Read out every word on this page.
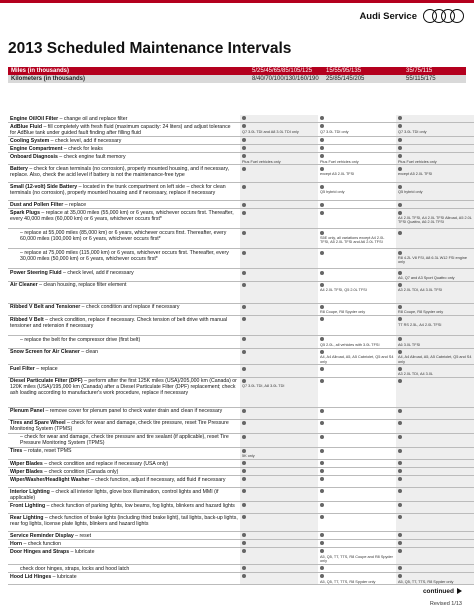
Audi Service
2013 Scheduled Maintenance Intervals
Miles (in thousands)	5/25/45/65/85/105/125 15/55/95/135	35/75/115
Kilometers (in thousands)	8/40/70/100/130/160/190 25/85/145/205	55/115/175
Engine Oil/Oil Filter – change oil and replace filter	

AdBlue Fluid – fill completely with fresh fluid (maximum capacity: 24 liters) and adjust tolerance for AdBlue tank under guided fault finding after filling fluid	Q7 3.0L TDI and A8 3.0L TDI only	Q7 3.0L TDI only	Q7 3.0L TDI only

Cooling System – check level, add if necessary	

Engine Compartment – check for leaks	

Onboard Diagnosis – check engine fault memory	Plus Fuel vehicles only	Plus Fuel vehicles only	Plus Fuel vehicles only

Battery – check for clean terminals (no corrosion), properly mounted housing, and if necessary, replace. Also, check the acid level if battery is not the maintenance-free type		except A5 2.0L TFSI	except A5 2.0L TFSI

Small (12-volt) Side Battery – located in the trunk compartment on left side – check for clean terminals (no corrosion), properly mounted housing and if necessary, replace if necessary		Q5 hybrid only	Q5 hybrid only

Dust and Pollen Filter – replace	

Spark Plugs – replace at 35,000 miles (55,000 km) or 6 years, whichever occurs first. Thereafter, every 40,000 miles (60,000 km) or 6 years, whichever occurs first*			A4 2.0L TFSI, A4 2.0L TFSI Allroad, A5 2.0L TFSI Quattro, A6 2.0L TFSI

– replace at 55,000 miles (85,000 km) or 6 years, whichever occurs first. Thereafter, every 60,000 miles (100,000 km) or 6 years, whichever occurs first*		S5E only, all variations except A4 2.0L TFSI, A5 2.0L TFSI and A6 2.0L TFSI	

– replace at 75,000 miles (115,000 km) or 6 years, whichever occurs first. Thereafter, every 30,000 miles (50,000 km) or 6 years, whichever occurs first*			R8 4.2L V8 FSI, A8 6.3L W12 FSI engine only

Power Steering Fluid – check level, add if necessary			A6, Q7 and A3 Sport Quattro only

Air Cleaner – clean housing, replace filter element		A4 2.0L TFSI, Q5 2.0L TFSI	A3 2.0L TDI, A4 3.0L TFSI

Ribbed V Belt and Tensioner – check condition and replace if necessary		R8 Coupe, R8 Spyder only	R8 Coupe, R8 Spyder only

Ribbed V Belt – check condition, replace if necessary. Check tension of belt drive with manual tensioner and retension if necessary			TT RS 2.5L, A4 2.0L TFSI

– replace the belt for the compressor drive (first belt)		Q5 2.0L, all vehicles with 3.0L TFSI	A6 3.0L TFSI

Snow Screen for Air Cleaner – clean		A4, A4 Allroad, A5, A5 Cabriolet, Q5 and S4 only	A4, A4 Allroad, A5, A5 Cabriolet, Q5 and S4 only

Fuel Filter – replace			A3 2.0L TDI, A4 3.0L

Diesel Particulate Filter (DPF) – perform after the first 125K miles (USA)/205,000 km (Canada) or 120K miles (USA)/195,000 km (Canada) after a Diesel Particulate Filter (DPF) replacement; check ash loading according to manufacturer's work procedure, replace if necessary	Q7 3.0L TDI, A8 3.0L TDI		

Plenum Panel – remove cover for plenum panel to check water drain and clean if necessary	

Tires and Spare Wheel – check for wear and damage, check tire pressure, reset Tire Pressure Monitoring System (TPMS)	

– check for wear and damage, check tire pressure and tire sealant (if applicable), reset Tire Pressure Monitoring System (TPMS)			

Tires – rotate, reset TPMS	5K only		

Wiper Blades – check condition and replace if necessary (USA only)	

Wiper Blades – check condition (Canada only)	

Wiper/Washer/Headlight Washer – check function, adjust if necessary, add fluid if necessary	

Interior Lighting – check all interior lights, glove box illumination, control lights and MMI (if applicable)	

Front Lighting – check function of parking lights, low beams, fog lights, blinkers and hazard lights	

Rear Lighting – check function of brake lights (including third brake light), tail lights, back-up lights, rear fog lights, license plate lights, blinkers and hazard lights	

Service Reminder Display – reset	

Horn – check function	

Door Hinges and Straps – lubricate		A5, Q5, TT, TTS, R8 Coupe and R8 Spyder only	

check door hinges, straps, locks and hood latch			

Hood Lid Hinges – lubricate		A5, Q5, TT, TTS, R8 Spyder only	A5, Q5, TT, TTS, R8 Spyder only
continued
Revised 1/13
